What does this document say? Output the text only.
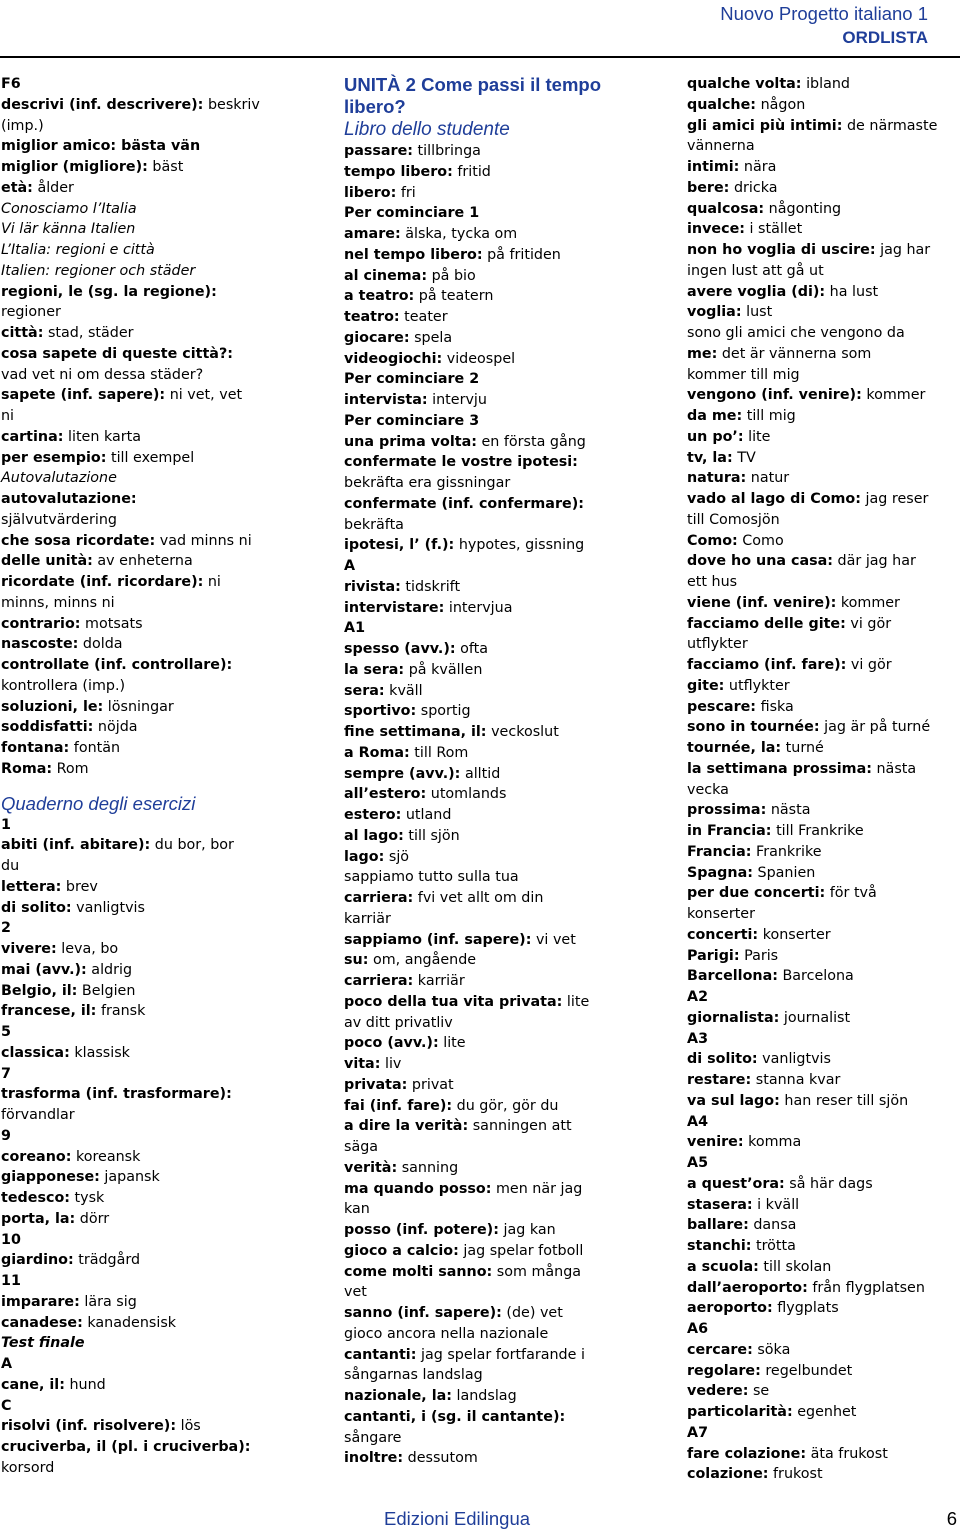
Nuovo Progetto italiano 1
ORDLISTA
F6
descrivi (inf. descrivere): beskriv
(imp.)
miglior amico: bästa vän
miglior (migliore): bäst
età: ålder
Conosciamo l’Italia
Vi lär känna Italien
L’Italia: regioni e città
Italien: regioner och städer
regioni, le (sg. la regione):
regioner
città: stad, städer
cosa sapete di queste città?:
vad vet ni om dessa städer?
sapete (inf. sapere): ni vet, vet
ni
cartina: liten karta
per esempio: till exempel
Autovalutazione
autovalutazione:
självutvärdering
che sosa ricordate: vad minns ni
delle unità: av enheterna
ricordate (inf. ricordare): ni
minns, minns ni
contrario: motsats
nascoste: dolda
controllate (inf. controllare):
kontrollera (imp.)
soluzioni, le: lösningar
soddisfatti: nöjda
fontana: fontän
Roma: Rom
Quaderno degli esercizi
1
abiti (inf. abitare): du bor, bor
du
lettera: brev
di solito: vanligtvis
2
vivere: leva, bo
mai (avv.): aldrig
Belgio, il: Belgien
francese, il: fransk
5
classica: klassisk
7
trasforma (inf. trasformare):
förvandlar
9
coreano: koreansk
giapponese: japansk
tedesco: tysk
porta, la: dörr
10
giardino: trädgård
11
imparare: lära sig
canadese: kanadensisk
Test finale
A
cane, il: hund
C
risolvi (inf. risolvere): lös
cruciverba, il (pl. i cruciverba):
korsord
UNITÀ 2 Come passi il tempo
libero?
Libro dello studente
passare: tillbringa
tempo libero: fritid
libero: fri
Per cominciare 1
amare: älska, tycka om
nel tempo libero: på fritiden
al cinema: på bio
a teatro: på teatern
teatro: teater
giocare: spela
videogiochi: videospel
Per cominciare 2
intervista: intervju
Per cominciare 3
una prima volta: en första gång
confermate le vostre ipotesi:
bekräfta era gissningar
confermate (inf. confermare):
bekräfta
ipotesi, l’ (f.): hypotes, gissning
A
rivista: tidskrift
intervistare: intervjua
A1
spesso (avv.): ofta
la sera: på kvällen
sera: kväll
sportivo: sportig
fine settimana, il: veckoslut
a Roma: till Rom
sempre (avv.): alltid
all’estero: utomlands
estero: utland
al lago: till sjön
lago: sjö
sappiamo tutto sulla tua
carriera: fvi vet allt om din
karriär
sappiamo (inf. sapere): vi vet
su: om, angående
carriera: karriär
poco della tua vita privata: lite
av ditt privatliv
poco (avv.): lite
vita: liv
privata: privat
fai (inf. fare): du gör, gör du
a dire la verità: sanningen att
säga
verità: sanning
ma quando posso: men när jag
kan
posso (inf. potere): jag kan
gioco a calcio: jag spelar fotboll
come molti sanno: som många
vet
sanno (inf. sapere): (de) vet
gioco ancora nella nazionale
cantanti: jag spelar fortfarande i
sångarnas landslag
nazionale, la: landslag
cantanti, i (sg. il cantante):
sångare
inoltre: dessutom
qualche volta: ibland
qualche: någon
gli amici più intimi: de närmaste
vännerna
intimi: nära
bere: dricka
qualcosa: någonting
invece: i stället
non ho voglia di uscire: jag har
ingen lust att gå ut
avere voglia (di): ha lust
voglia: lust
sono gli amici che vengono da
me: det är vännerna som
kommer till mig
vengono (inf. venire): kommer
da me: till mig
un po’: lite
tv, la: TV
natura: natur
vado al lago di Como: jag reser
till Comosjön
Como: Como
dove ho una casa: där jag har
ett hus
viene (inf. venire): kommer
facciamo delle gite: vi gör
utflykter
facciamo (inf. fare): vi gör
gite: utflykter
pescare: fiska
sono in tournée: jag är på turné
tournée, la: turné
la settimana prossima: nästa
vecka
prossima: nästa
in Francia: till Frankrike
Francia: Frankrike
Spagna: Spanien
per due concerti: för två
konserter
concerti: konserter
Parigi: Paris
Barcellona: Barcelona
A2
giornalista: journalist
A3
di solito: vanligtvis
restare: stanna kvar
va sul lago: han reser till sjön
A4
venire: komma
A5
a quest’ora: så här dags
stasera: i kväll
ballare: dansa
stanchi: trötta
a scuola: till skolan
dall’aeroporto: från flygplatsen
aeroporto: flygplats
A6
cercare: söka
regolare: regelbundet
vedere: se
particolarità: egenhet
A7
fare colazione: äta frukost
colazione: frukost
Edizioni Edilingua	6
